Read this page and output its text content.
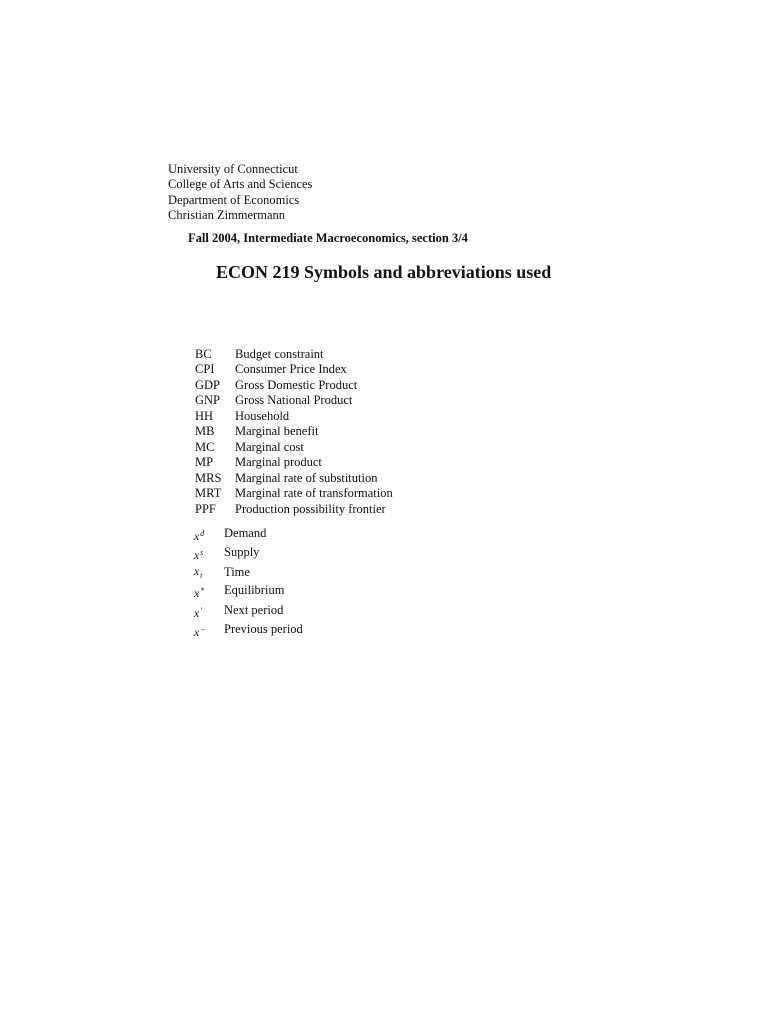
University of Connecticut
College of Arts and Sciences
Department of Economics
Christian Zimmermann
Fall 2004, Intermediate Macroeconomics, section 3/4
ECON 219 Symbols and abbreviations used
BC	Budget constraint
CPI	Consumer Price Index
GDP	Gross Domestic Product
GNP	Gross National Product
HH	Household
MB	Marginal benefit
MC	Marginal cost
MP	Marginal product
MRS	Marginal rate of substitution
MRT	Marginal rate of transformation
PPF	Production possibility frontier
$x^d$	Demand
$x^s$	Supply
$x_t$	Time
x*	Equilibrium
x′	Next period
x−	Previous period
